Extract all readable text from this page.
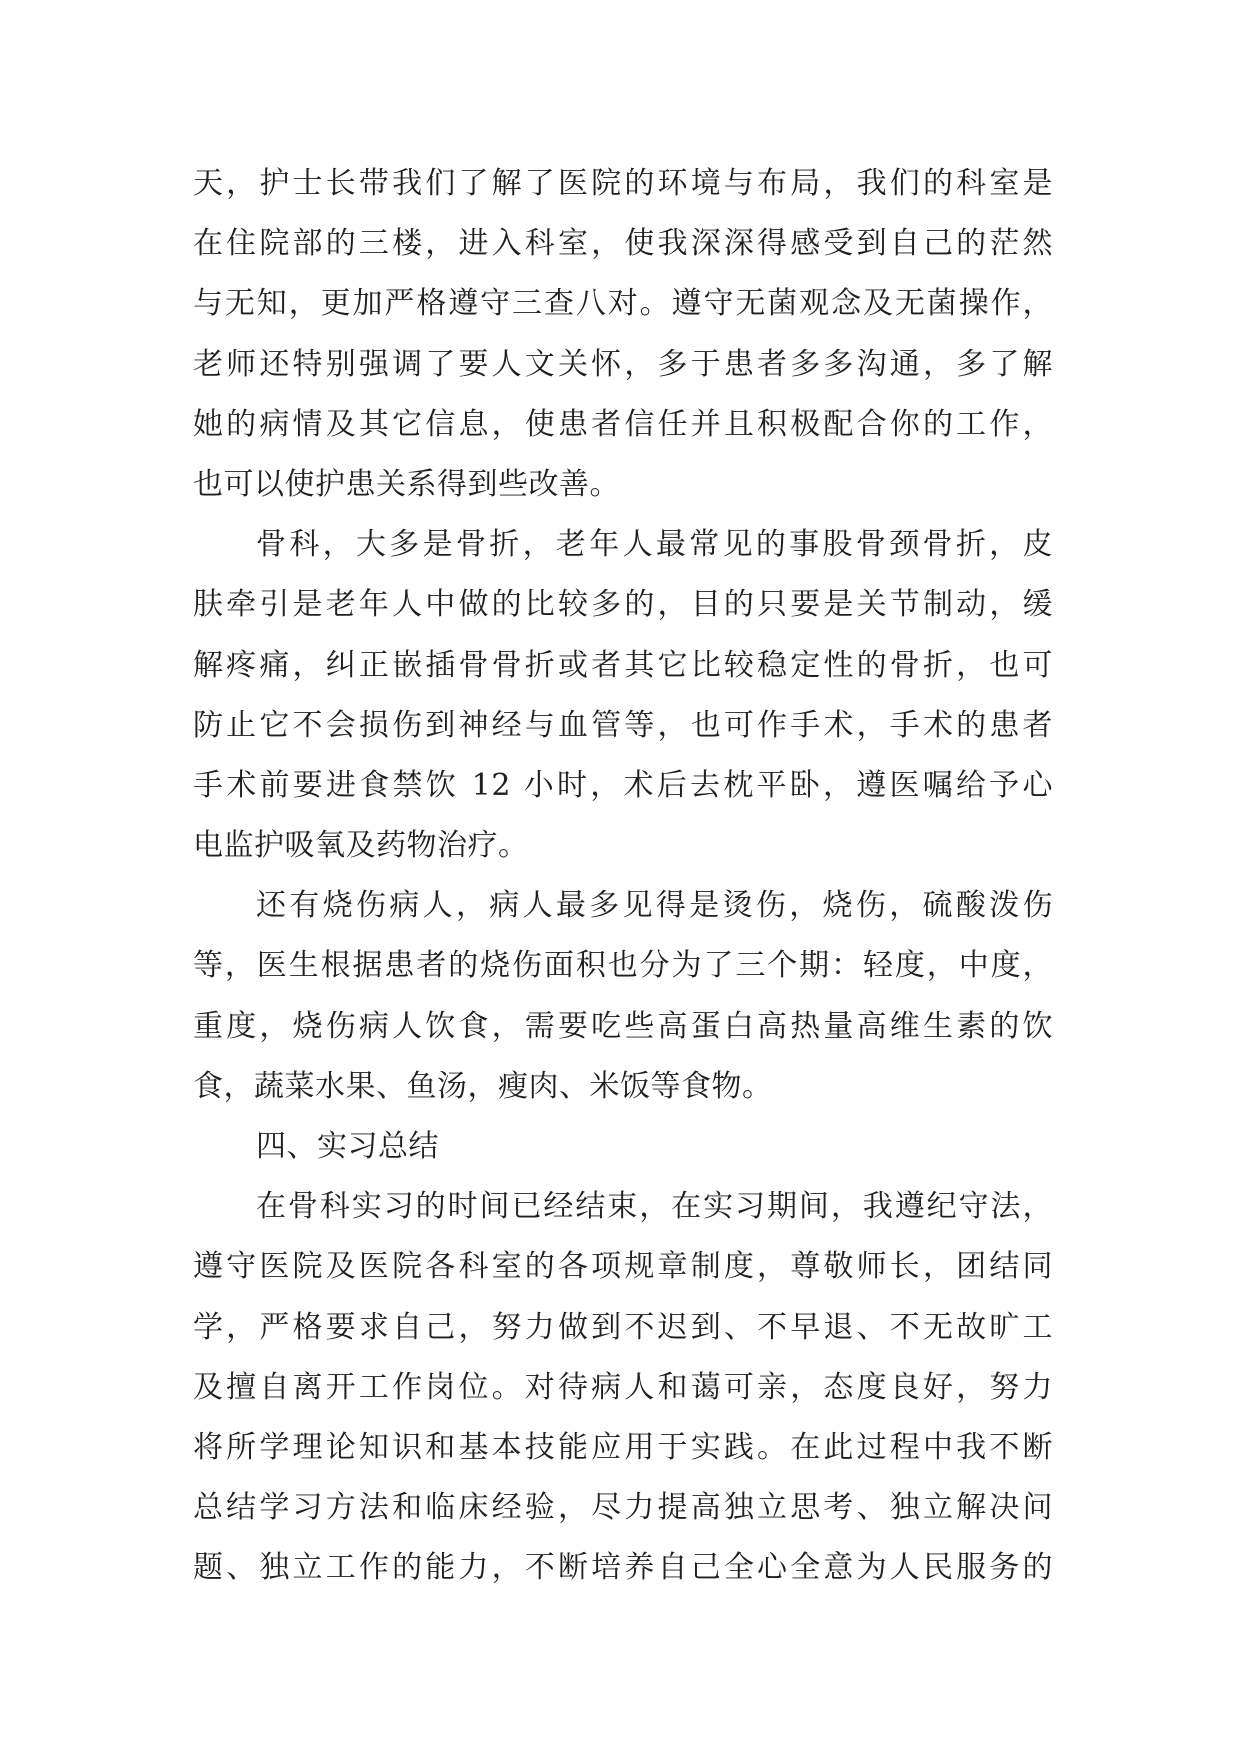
天，护士长带我们了解了医院的环境与布局，我们的科室是
在住院部的三楼，进入科室，使我深深得感受到自己的茫然
与无知，更加严格遵守三查八对。遵守无菌观念及无菌操作，
老师还特别强调了要人文关怀，多于患者多多沟通，多了解
她的病情及其它信息，使患者信任并且积极配合你的工作，
也可以使护患关系得到些改善。
骨科，大多是骨折，老年人最常见的事股骨颈骨折，皮
肤牵引是老年人中做的比较多的，目的只要是关节制动，缓
解疼痛，纠正嵌插骨骨折或者其它比较稳定性的骨折，也可
防止它不会损伤到神经与血管等，也可作手术，手术的患者
手术前要进食禁饮 12 小时，术后去枕平卧，遵医嘱给予心
电监护吸氧及药物治疗。
还有烧伤病人，病人最多见得是烫伤，烧伤，硫酸泼伤
等，医生根据患者的烧伤面积也分为了三个期：轻度，中度，
重度，烧伤病人饮食，需要吃些高蛋白高热量高维生素的饮
食，蔬菜水果、鱼汤，瘦肉、米饭等食物。
四、实习总结
在骨科实习的时间已经结束，在实习期间，我遵纪守法，
遵守医院及医院各科室的各项规章制度，尊敬师长，团结同
学，严格要求自己，努力做到不迟到、不早退、不无故旷工
及擅自离开工作岗位。对待病人和蔼可亲，态度良好，努力
将所学理论知识和基本技能应用于实践。在此过程中我不断
总结学习方法和临床经验，尽力提高独立思考、独立解决问
题、独立工作的能力，不断培养自己全心全意为人民服务的
